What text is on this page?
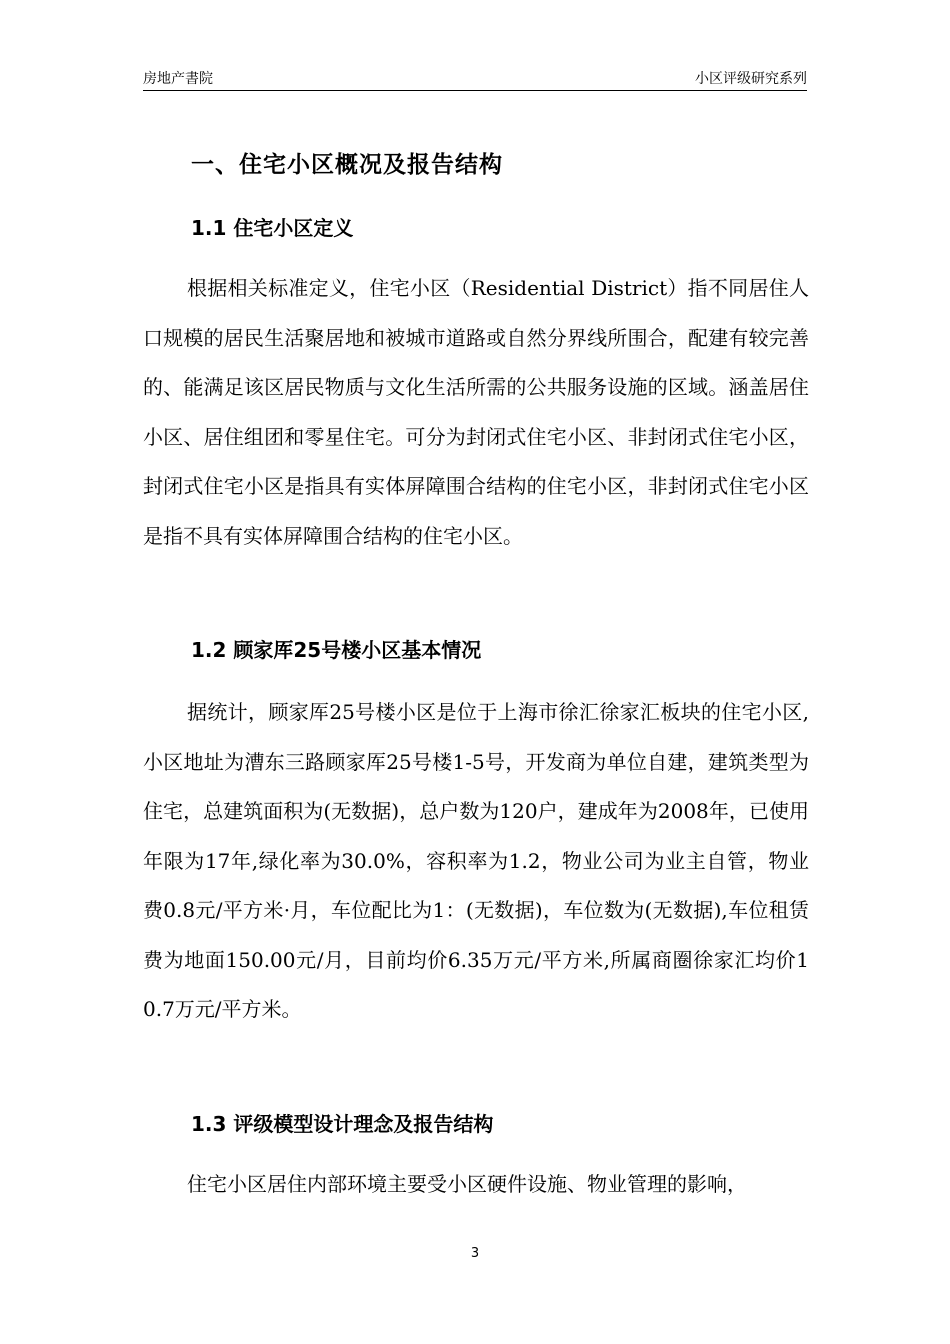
房地产書院	小区评级研究系列
一、住宅小区概况及报告结构
1.1 住宅小区定义
根据相关标准定义，住宅小区（Residential District）指不同居住人口规模的居民生活聚居地和被城市道路或自然分界线所围合，配建有较完善的、能满足该区居民物质与文化生活所需的公共服务设施的区域。涵盖居住小区、居住组团和零星住宅。可分为封闭式住宅小区、非封闭式住宅小区，封闭式住宅小区是指具有实体屏障围合结构的住宅小区，非封闭式住宅小区是指不具有实体屏障围合结构的住宅小区。
1.2 顾家厍25号楼小区基本情况
据统计，顾家厍25号楼小区是位于上海市徐汇徐家汇板块的住宅小区,小区地址为漕东三路顾家厍25号楼1-5号，开发商为单位自建，建筑类型为住宅，总建筑面积为(无数据)，总户数为120户，建成年为2008年，已使用年限为17年,绿化率为30.0%，容积率为1.2，物业公司为业主自管，物业费0.8元/平方米·月，车位配比为1：(无数据)，车位数为(无数据),车位租赁费为地面150.00元/月，目前均价6.35万元/平方米,所属商圈徐家汇均价10.7万元/平方米。
1.3 评级模型设计理念及报告结构
住宅小区居住内部环境主要受小区硬件设施、物业管理的影响，
3
